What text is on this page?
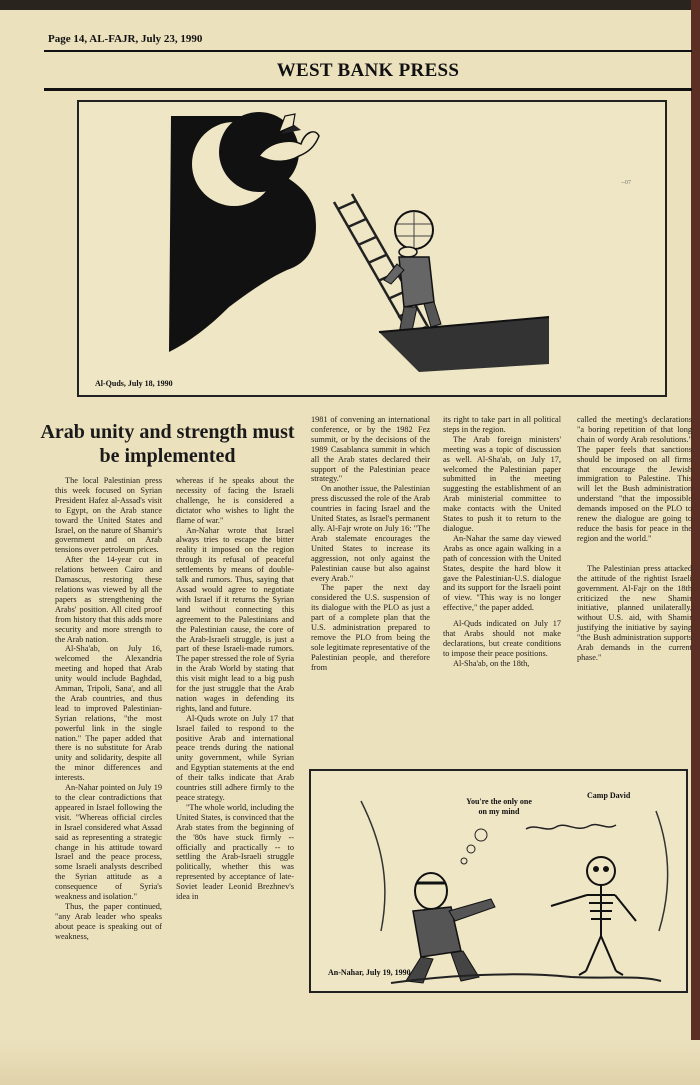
Page 14, AL-FAJR, July 23, 1990
WEST BANK PRESS
--07
Al-Quds, July 18, 1990
Arab unity and strength must be implemented

The local Palestinian press this week focused on Syrian President Hafez al-Assad's visit to Egypt, on the Arab stance toward the United States and Israel, on the nature of Shamir's government and on Arab tensions over petroleum prices.

After the 14-year cut in relations between Cairo and Damascus, restoring these relations was viewed by all the papers as strengthening the Arabs' position. All cited proof from history that this adds more security and more strength to the Arab nation.

Al-Sha'ab, on July 16, welcomed the Alexandria meeting and hoped that Arab unity would include Baghdad, Amman, Tripoli, Sana', and all the Arab countries, and thus lead to improved Palestinian-Syrian relations, "the most powerful link in the single nation." The paper added that there is no substitute for Arab unity and solidarity, despite all the minor differences and interests.

An-Nahar pointed on July 19 to the clear contradictions that appeared in Israel following the visit. "Whereas official circles in Israel considered what Assad said as representing a strategic change in his attitude toward Israel and the peace process, some Israeli analysts described the Syrian attitude as a consequence of Syria's weakness and isolation."

Thus, the paper continued, "any Arab leader who speaks about peace is speaking out of weakness,

whereas if he speaks about the necessity of facing the Israeli challenge, he is considered a dictator who wishes to light the flame of war."

An-Nahar wrote that Israel always tries to escape the bitter reality it imposed on the region through its refusal of peaceful settlements by means of double-talk and rumors. Thus, saying that Assad would agree to negotiate with Israel if it returns the Syrian land without connecting this agreement to the Palestinians and the Palestinian cause, the core of the Arab-Israeli struggle, is just a part of these Israeli-made rumors. The paper stressed the role of Syria in the Arab World by stating that this visit might lead to a big push for the just struggle that the Arab nation wages in defending its rights, land and future.

Al-Quds wrote on July 17 that Israel failed to respond to the positive Arab and international peace trends during the national unity government, while Syrian and Egyptian statements at the end of their talks indicate that Arab countries still adhere firmly to the peace strategy.

"The whole world, including the United States, is convinced that the Arab states from the beginning of the '80s have stuck firmly -- officially and practically -- to settling the Arab-Israeli struggle politically, whether this was represented by acceptance of late-Soviet leader Leonid Brezhnev's idea in

1981 of convening an international conference, or by the 1982 Fez summit, or by the decisions of the 1989 Casablanca summit in which all the Arab states declared their support of the Palestinian peace strategy."

On another issue, the Palestinian press discussed the role of the Arab countries in facing Israel and the United States, as Israel's permanent ally. Al-Fajr wrote on July 16: "The Arab stalemate encourages the United States to increase its aggression, not only against the Palestinian cause but also against every Arab."

The paper the next day considered the U.S. suspension of its dialogue with the PLO as just a part of a complete plan that the U.S. administration prepared to remove the PLO from being the sole legitimate representative of the Palestinian people, and therefore from

its right to take part in all political steps in the region.

The Arab foreign ministers' meeting was a topic of discussion as well. Al-Sha'ab, on July 17, welcomed the Palestinian paper submitted in the meeting suggesting the establishment of an Arab ministerial committee to make contacts with the United States to push it to return to the dialogue.

An-Nahar the same day viewed Arabs as once again walking in a path of concession with the United States, despite the hard blow it gave the Palestinian-U.S. dialogue and its support for the Israeli point of view. "This way is no longer effective," the paper added.

Al-Quds indicated on July 17 that Arabs should not make declarations, but create conditions to impose their peace positions.

Al-Sha'ab, on the 18th,

called the meeting's declarations "a boring repetition of that long chain of wordy Arab resolutions." The paper feels that sanctions should be imposed on all firms that encourage the Jewish immigration to Palestine. This will let the Bush administration understand "that the impossible demands imposed on the PLO to renew the dialogue are going to reduce the basis for peace in the region and the world."

The Palestinian press attacked the attitude of the rightist Israeli government. Al-Fajr on the 18th criticized the new Shamir initiative, planned unilaterally, without U.S. aid, with Shamir justifying the initiative by saying "the Bush administration supports Arab demands in the current phase."

You're the only one on my mind
Camp David
An-Nahar, July 19, 1990
